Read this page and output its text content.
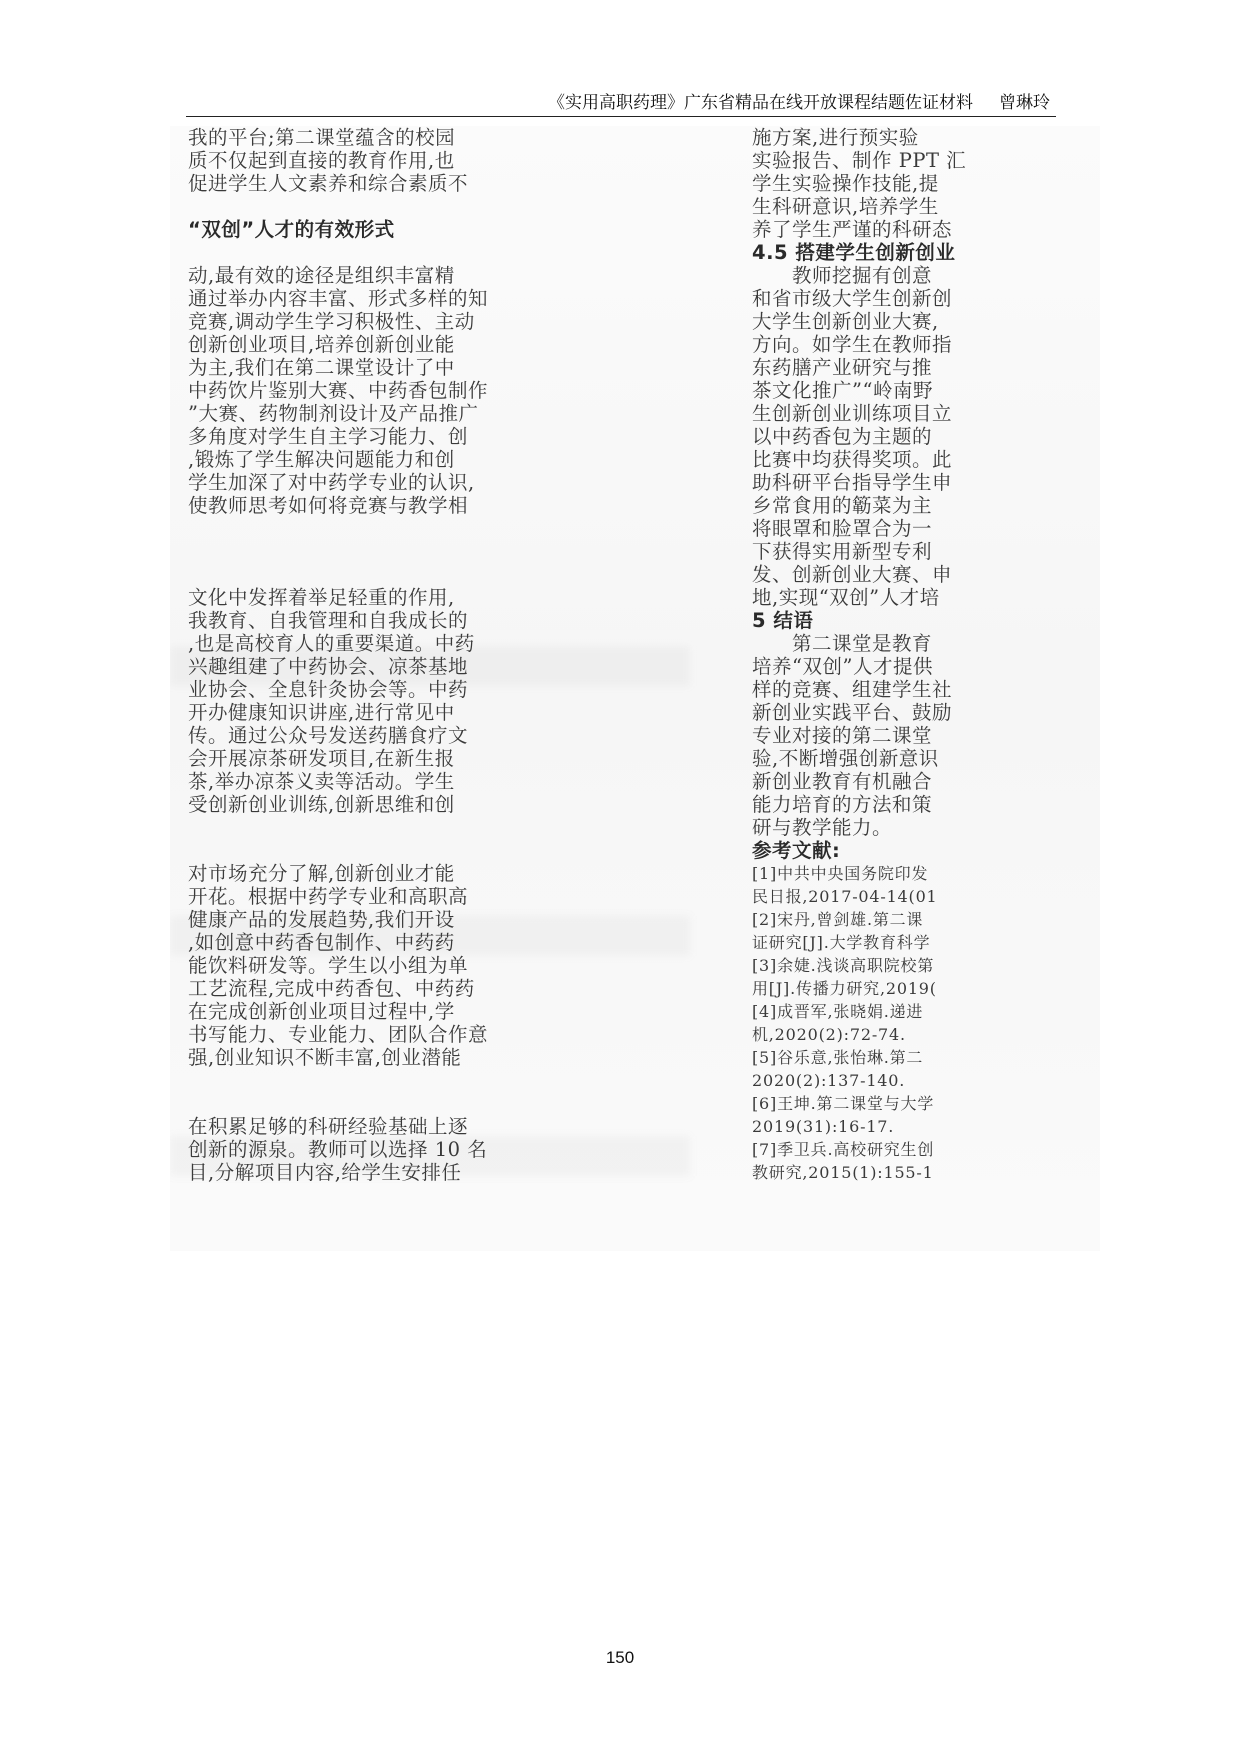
《实用高职药理》广东省精品在线开放课程结题佐证材料 曾琳玲
我的平台;第二课堂蕴含的校园
质不仅起到直接的教育作用,也
促进学生人文素养和综合素质不
“双创”人才的有效形式
动,最有效的途径是组织丰富精
通过举办内容丰富、形式多样的知
竞赛,调动学生学习积极性、主动
创新创业项目,培养创新创业能
为主,我们在第二课堂设计了中
中药饮片鉴别大赛、中药香包制作
”大赛、药物制剂设计及产品推广
多角度对学生自主学习能力、创
,锻炼了学生解决问题能力和创
学生加深了对中药学专业的认识,
使教师思考如何将竞赛与教学相
文化中发挥着举足轻重的作用,
我教育、自我管理和自我成长的
,也是高校育人的重要渠道。中药
兴趣组建了中药协会、凉茶基地
业协会、全息针灸协会等。中药
开办健康知识讲座,进行常见中
传。通过公众号发送药膳食疗文
会开展凉茶研发项目,在新生报
茶,举办凉茶义卖等活动。学生
受创新创业训练,创新思维和创
对市场充分了解,创新创业才能
开花。根据中药学专业和高职高
健康产品的发展趋势,我们开设
,如创意中药香包制作、中药药
能饮料研发等。学生以小组为单
工艺流程,完成中药香包、中药药
在完成创新创业项目过程中,学
书写能力、专业能力、团队合作意
强,创业知识不断丰富,创业潜能
在积累足够的科研经验基础上逐
创新的源泉。教师可以选择 10 名
目,分解项目内容,给学生安排任
施方案,进行预实验
实验报告、制作 PPT 汇
学生实验操作技能,提
生科研意识,培养学生
养了学生严谨的科研态
4.5 搭建学生创新创业
教师挖掘有创意
和省市级大学生创新创
大学生创新创业大赛,
方向。如学生在教师指
东药膳产业研究与推
茶文化推广”“岭南野
生创新创业训练项目立
以中药香包为主题的
比赛中均获得奖项。此
助科研平台指导学生申
乡常食用的簕菜为主
将眼罩和脸罩合为一
下获得实用新型专利
发、创新创业大赛、申
地,实现“双创”人才培
5 结语
第二课堂是教育
培养“双创”人才提供
样的竞赛、组建学生社
新创业实践平台、鼓励
专业对接的第二课堂
验,不断增强创新意识
新创业教育有机融合
能力培育的方法和策
研与教学能力。
参考文献:
[1]中共中央国务院印发
民日报,2017-04-14(01
[2]宋丹,曾剑雄.第二课
证研究[J].大学教育科学
[3]余婕.浅谈高职院校第
用[J].传播力研究,2019(
[4]成晋军,张晓娟.递进
机,2020(2):72-74.
[5]谷乐意,张怡琳.第二
2020(2):137-140.
[6]王坤.第二课堂与大学
2019(31):16-17.
[7]季卫兵.高校研究生创
教研究,2015(1):155-1
150
